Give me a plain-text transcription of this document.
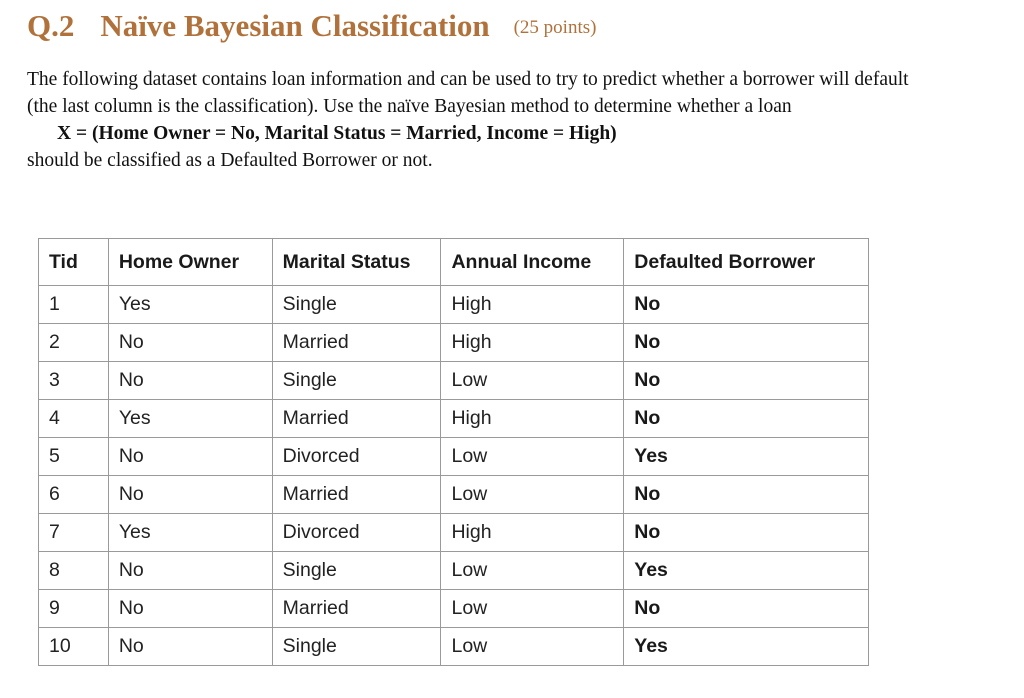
Q.2 Naïve Bayesian Classification (25 points)
The following dataset contains loan information and can be used to try to predict whether a borrower will default
(the last column is the classification). Use the naïve Bayesian method to determine whether a loan
X = (Home Owner = No, Marital Status = Married, Income = High)
should be classified as a Defaulted Borrower or not.
Tid	Home Owner	Marital Status	Annual Income	Defaulted Borrower
1	Yes	Single	High	No
2	No	Married	High	No
3	No	Single	Low	No
4	Yes	Married	High	No
5	No	Divorced	Low	Yes
6	No	Married	Low	No
7	Yes	Divorced	High	No
8	No	Single	Low	Yes
9	No	Married	Low	No
10	No	Single	Low	Yes
